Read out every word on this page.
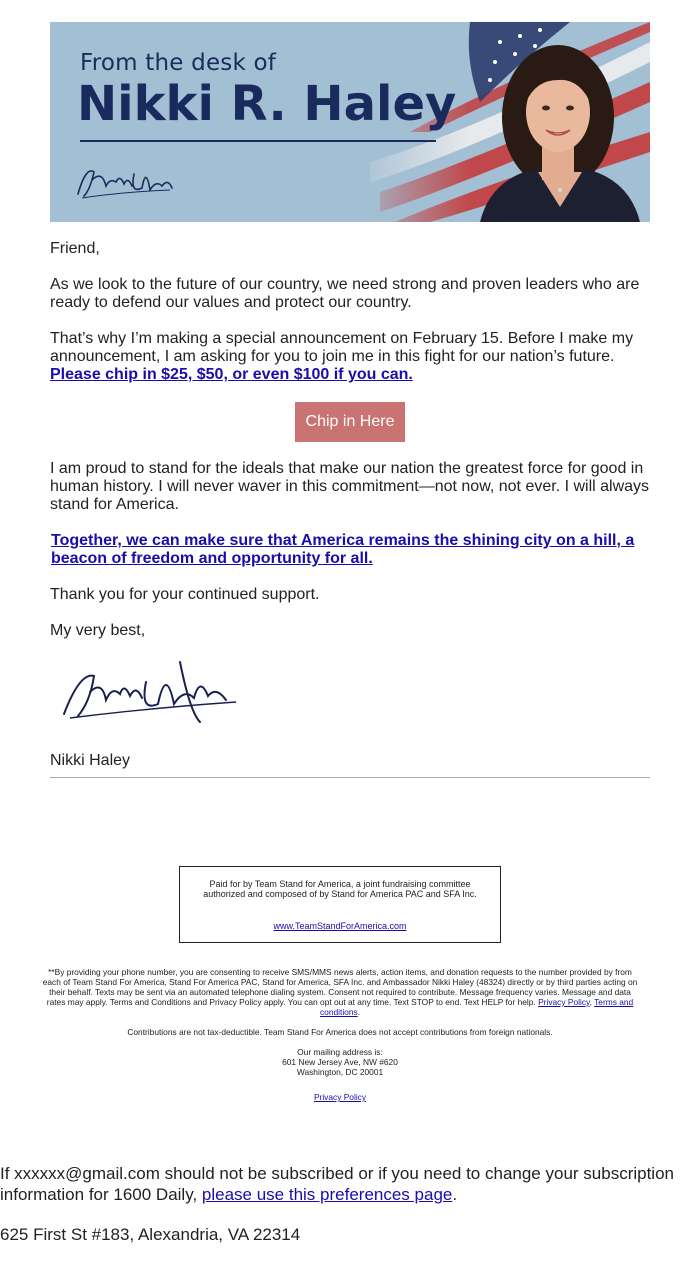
From the desk of
Nikki R. Haley

Friend,

As we look to the future of our country, we need strong and proven leaders who are ready to defend our values and protect our country.

That’s why I’m making a special announcement on February 15. Before I make my announcement, I am asking for you to join me in this fight for our nation’s future. Please chip in $25, $50, or even $100 if you can.

Chip in Here

I am proud to stand for the ideals that make our nation the greatest force for good in human history. I will never waver in this commitment—not now, not ever. I will always stand for America.

Together, we can make sure that America remains the shining city on a hill, a beacon of freedom and opportunity for all.

Thank you for your continued support.

My very best,

Nikki Haley

Paid for by Team Stand for America, a joint fundraising committee authorized and composed of by Stand for America PAC and SFA Inc.
www.TeamStandForAmerica.com
**By providing your phone number, you are consenting to receive SMS/MMS news alerts, action items, and donation requests to the number provided by from each of Team Stand For America, Stand For America PAC, Stand for America, SFA Inc. and Ambassador Nikki Haley (48324) directly or by third parties acting on their behalf. Texts may be sent via an automated telephone dialing system. Consent not required to contribute. Message frequency varies. Message and data rates may apply. Terms and Conditions and Privacy Policy apply. You can opt out at any time. Text STOP to end. Text HELP for help. Privacy Policy, Terms and conditions.
Contributions are not tax-deductible. Team Stand For America does not accept contributions from foreign nationals.
Our mailing address is:
601 New Jersey Ave, NW #620
Washington, DC 20001
Privacy Policy
If xxxxxx@gmail.com should not be subscribed or if you need to change your subscription information for 1600 Daily, please use this preferences page.
625 First St #183, Alexandria, VA 22314
